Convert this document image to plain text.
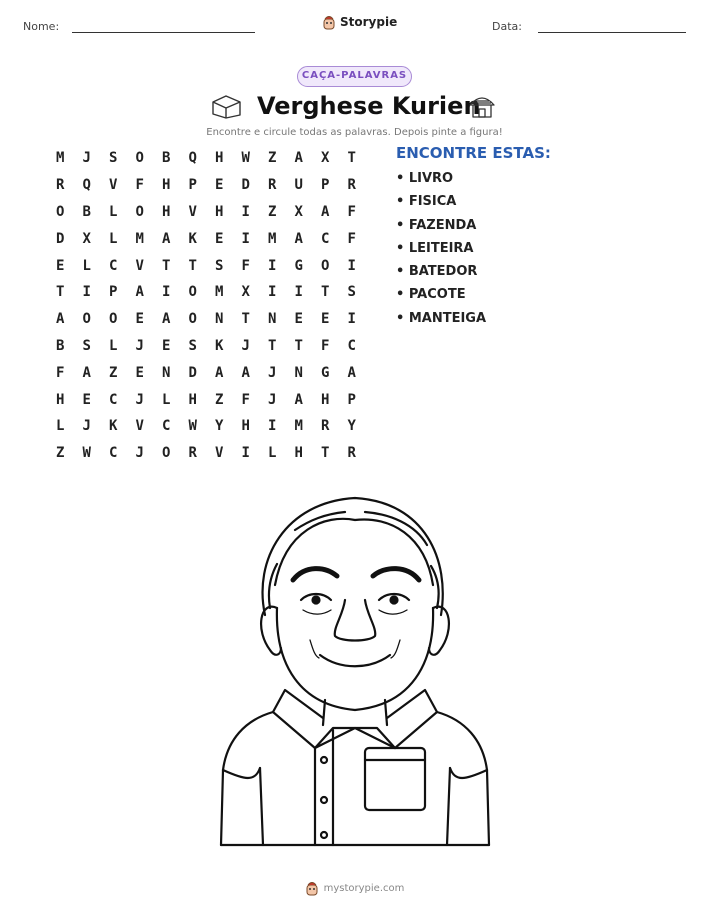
Nome:	Storypie	Data:
CAÇA-PALAVRAS
Verghese Kurien
Encontre e circule todas as palavras. Depois pinte a figura!
M	J	S	O	B	Q	H	W	Z	A	X	T
R	Q	V	F	H	P	E	D	R	U	P	R
O	B	L	O	H	V	H	I	Z	X	A	F
D	X	L	M	A	K	E	I	M	A	C	F
E	L	C	V	T	T	S	F	I	G	O	I
T	I	P	A	I	O	M	X	I	I	T	S
A	O	O	E	A	O	N	T	N	E	E	I
B	S	L	J	E	S	K	J	T	T	F	C
F	A	Z	E	N	D	A	A	J	N	G	A
H	E	C	J	L	H	Z	F	J	A	H	P
L	J	K	V	C	W	Y	H	I	M	R	Y
Z	W	C	J	O	R	V	I	L	H	T	R
ENCONTRE ESTAS:
• LIVRO
• FISICA
• FAZENDA
• LEITEIRA
• BATEDOR
• PACOTE
• MANTEIGA
mystorypie.com
